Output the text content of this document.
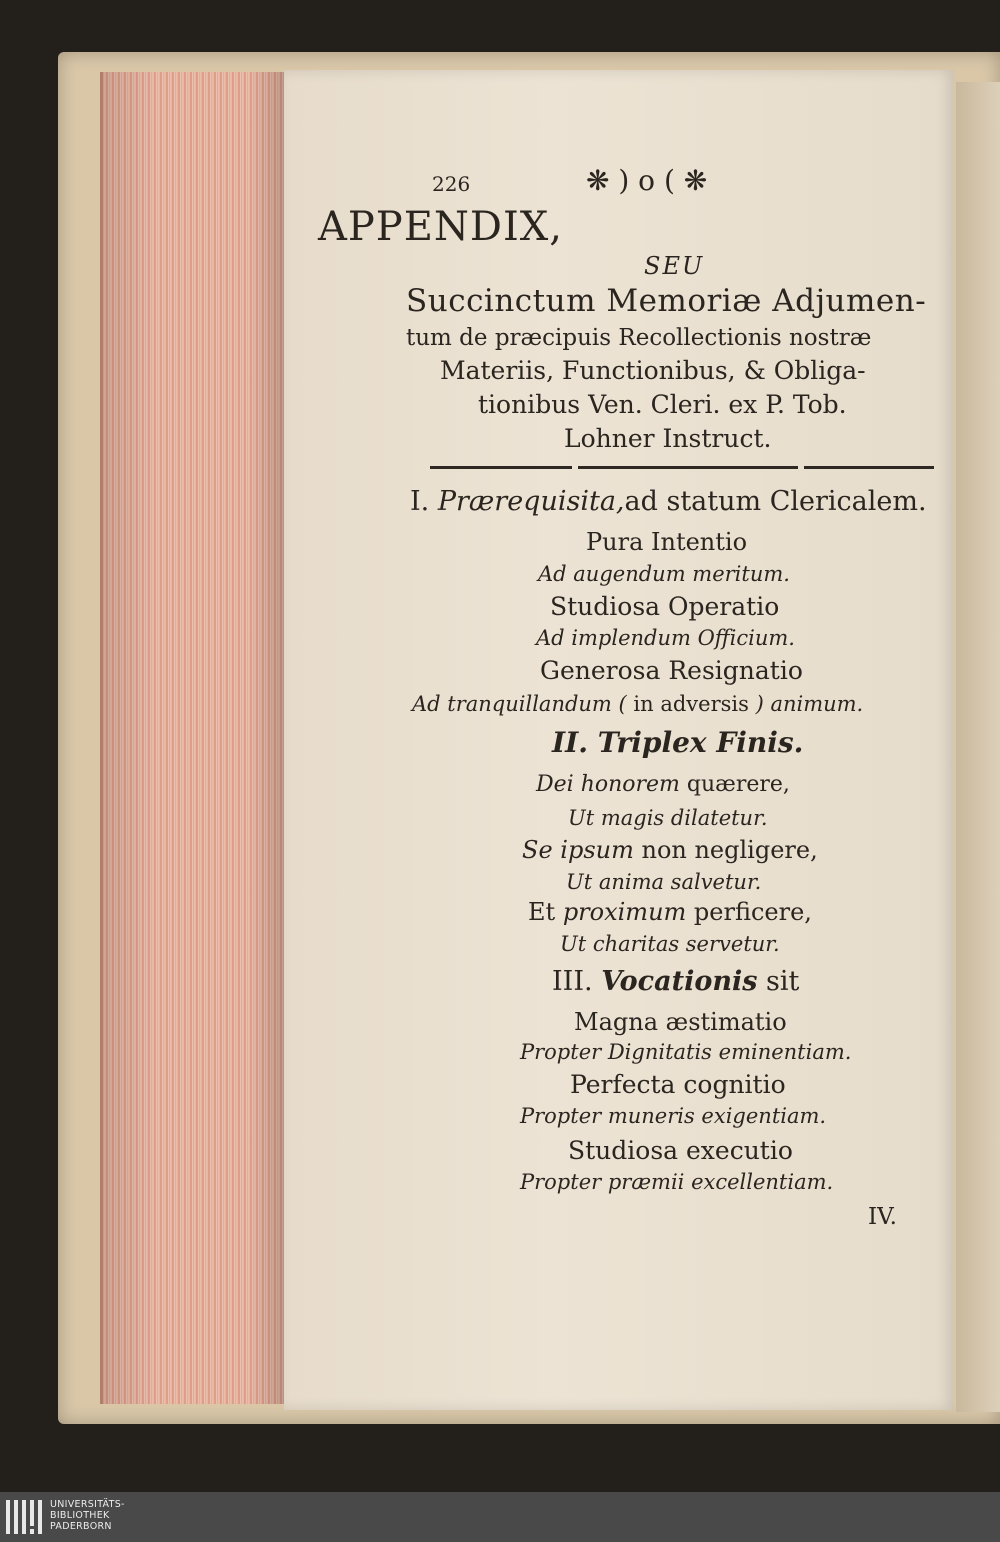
226	❋ ) o ( ❋
APPENDIX,
SEU
Succinctum Memoriæ Adjumen-
tum de præcipuis Recollectionis nostræ
Materiis, Functionibus, & Obliga-
tionibus Ven. Cleri. ex P. Tob.
Lohner Instruct.
I. Prærequisita,ad statum Clericalem.
Pura Intentio
Ad augendum meritum.
Studiosa Operatio
Ad implendum Officium.
Generosa Resignatio
Ad tranquillandum ( in adversis ) animum.
II. Triplex Finis.
Dei honorem quærere,
Ut magis dilatetur.
Se ipsum non negligere,
Ut anima salvetur.
Et proximum perficere,
Ut charitas servetur.
III. Vocationis sit
Magna æstimatio
Propter Dignitatis eminentiam.
Perfecta cognitio
Propter muneris exigentiam.
Studiosa executio
Propter præmii excellentiam.
IV.
UNIVERSITÄTS-
BIBLIOTHEK
PADERBORN
